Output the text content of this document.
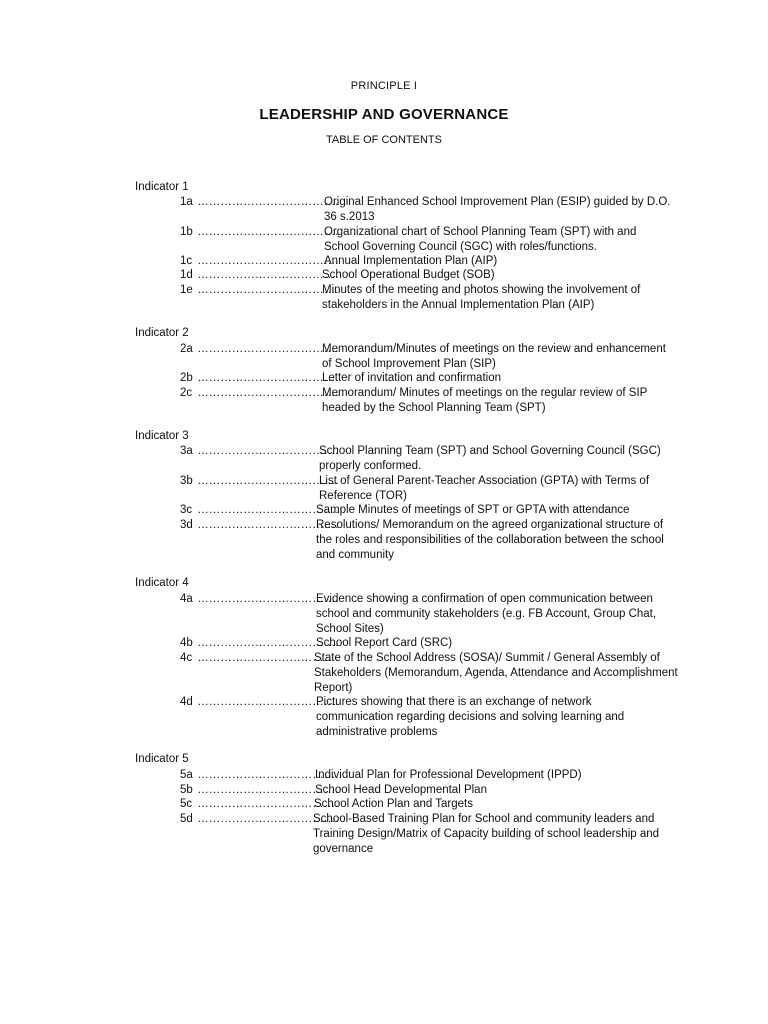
PRINCIPLE I
LEADERSHIP AND GOVERNANCE
TABLE OF CONTENTS
Indicator 1
1a ……………………………….
Original Enhanced School Improvement Plan (ESIP) guided by D.O. 36 s.2013
1b ……………………………….
Organizational chart of School Planning Team (SPT) with and School Governing Council (SGC) with roles/functions.
1c ……………………………….
Annual Implementation Plan (AIP)
1d ……………………………….
School Operational Budget (SOB)
1e ……………………………….
Minutes of the meeting and photos showing the involvement of stakeholders in the Annual Implementation Plan (AIP)
Indicator 2
2a ……………………………….
Memorandum/Minutes of meetings on the review and enhancement of School Improvement Plan (SIP)
2b ……………………………….
Letter of invitation and confirmation
2c ……………………………….
Memorandum/ Minutes of meetings on the regular review of SIP headed by the School Planning Team (SPT)
Indicator 3
3a ……………………………….
School Planning Team (SPT) and School Governing Council (SGC) properly conformed.
3b ……………………………….
List of General Parent-Teacher Association (GPTA) with Terms of Reference (TOR)
3c ……………………………….
Sample Minutes of meetings of SPT or GPTA with attendance
3d ……………………………….
Resolutions/ Memorandum on the agreed organizational structure of the roles and responsibilities of the collaboration between the school and community
Indicator 4
4a ……………………………….
Evidence showing a confirmation of open communication between school and community stakeholders (e.g. FB Account, Group Chat, School Sites)
4b ……………………………….
School Report Card (SRC)
4c ……………………………….
State of the School Address (SOSA)/ Summit / General Assembly of Stakeholders (Memorandum, Agenda, Attendance and Accomplishment Report)
4d ……………………………….
Pictures showing that there is an exchange of network communication regarding decisions and solving learning and administrative problems
Indicator 5
5a ……………………………….
Individual Plan for Professional Development (IPPD)
5b ……………………………….
School Head Developmental Plan
5c ……………………………….
School Action Plan and Targets
5d ……………………………….
School-Based Training Plan for School and community leaders and Training Design/Matrix of Capacity building of school leadership and governance
